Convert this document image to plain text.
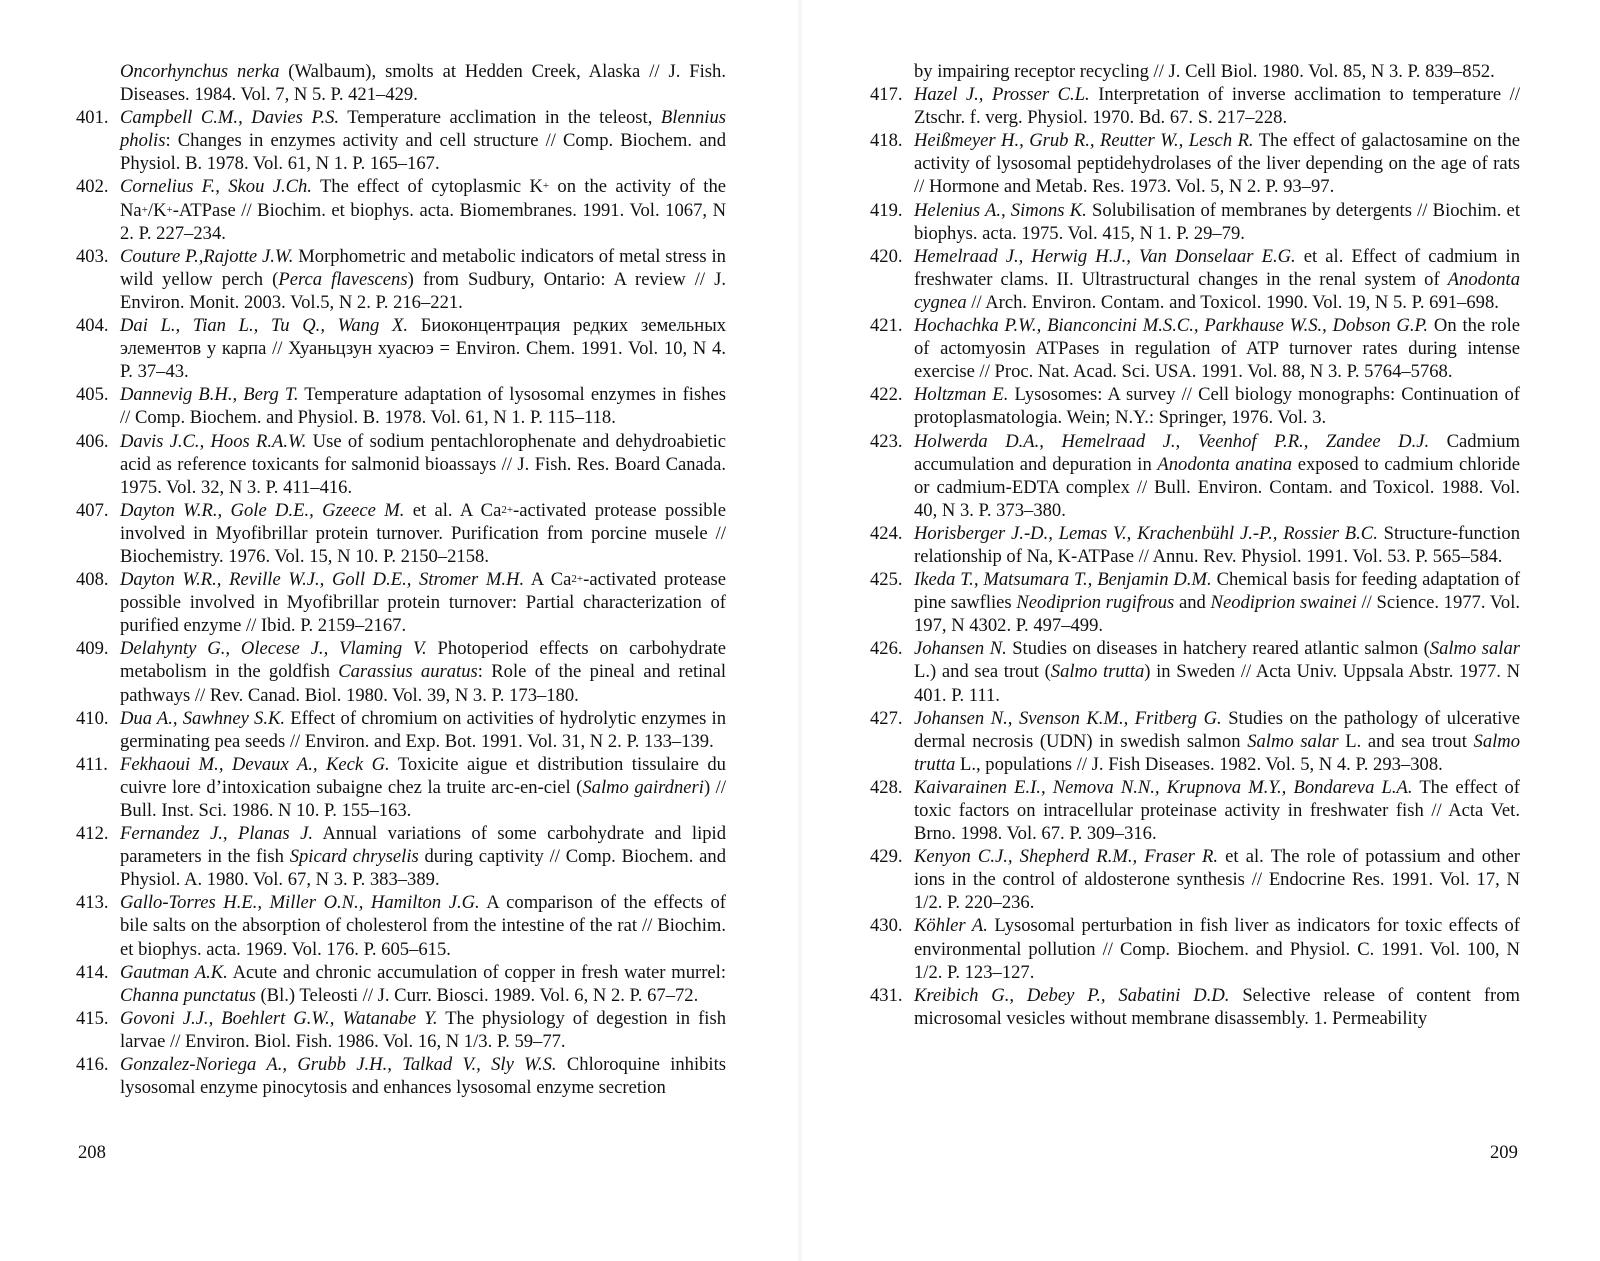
Oncorhynchus nerka (Walbaum), smolts at Hedden Creek, Alaska // J. Fish. Diseases. 1984. Vol. 7, N 5. P. 421–429.
401. Campbell C.M., Davies P.S. Temperature acclimation in the teleost, Blennius pholis: Changes in enzymes activity and cell structure // Comp. Biochem. and Physiol. B. 1978. Vol. 61, N 1. P. 165–167.
402. Cornelius F., Skou J.Ch. The effect of cytoplasmic K+ on the activity of the Na+/K+-ATPase // Biochim. et biophys. acta. Biomembranes. 1991. Vol. 1067, N 2. P. 227–234.
403. Couture P.,Rajotte J.W. Morphometric and metabolic indicators of metal stress in wild yellow perch (Perca flavescens) from Sudbury, Ontario: A review // J. Environ. Monit. 2003. Vol.5, N 2. P. 216–221.
404. Dai L., Tian L., Tu Q., Wang X. Биоконцентрация редких земельных элементов у карпа // Хуаньцзун хуасюэ = Environ. Chem. 1991. Vol. 10, N 4. P. 37–43.
405. Dannevig B.H., Berg T. Temperature adaptation of lysosomal enzymes in fishes // Comp. Biochem. and Physiol. B. 1978. Vol. 61, N 1. P. 115–118.
406. Davis J.C., Hoos R.A.W. Use of sodium pentachlorophenate and dehydroabietic acid as reference toxicants for salmonid bioassays // J. Fish. Res. Board Canada. 1975. Vol. 32, N 3. P. 411–416.
407. Dayton W.R., Gole D.E., Gzeece M. et al. A $Ca^{2+}$-activated protease possible involved in Myofibrillar protein turnover. Purification from porcine musele // Biochemistry. 1976. Vol. 15, N 10. P. 2150–2158.
408. Dayton W.R., Reville W.J., Goll D.E., Stromer M.H. A $Ca^{2+}$-activated protease possible involved in Myofibrillar protein turnover: Partial characterization of purified enzyme // Ibid. P. 2159–2167.
409. Delahynty G., Olecese J., Vlaming V. Photoperiod effects on carbohydrate metabolism in the goldfish Carassius auratus: Role of the pineal and retinal pathways // Rev. Canad. Biol. 1980. Vol. 39, N 3. P. 173–180.
410. Dua A., Sawhney S.K. Effect of chromium on activities of hydrolytic enzymes in germinating pea seeds // Environ. and Exp. Bot. 1991. Vol. 31, N 2. P. 133–139.
411. Fekhaoui M., Devaux A., Keck G. Toxicite aigue et distribution tissulaire du cuivre lore d’intoxication subaigne chez la truite arc-en-ciel (Salmo gairdneri) // Bull. Inst. Sci. 1986. N 10. P. 155–163.
412. Fernandez J., Planas J. Annual variations of some carbohydrate and lipid parameters in the fish Spicard chryselis during captivity // Comp. Biochem. and Physiol. A. 1980. Vol. 67, N 3. P. 383–389.
413. Gallo-Torres H.E., Miller O.N., Hamilton J.G. A comparison of the effects of bile salts on the absorption of cholesterol from the intestine of the rat // Biochim. et biophys. acta. 1969. Vol. 176. P. 605–615.
414. Gautman A.K. Acute and chronic accumulation of copper in fresh water murrel: Channa punctatus (Bl.) Teleosti // J. Curr. Biosci. 1989. Vol. 6, N 2. P. 67–72.
415. Govoni J.J., Boehlert G.W., Watanabe Y. The physiology of degestion in fish larvae // Environ. Biol. Fish. 1986. Vol. 16, N 1/3. P. 59–77.
416. Gonzalez-Noriega A., Grubb J.H., Talkad V., Sly W.S. Chloroquine inhibits lysosomal enzyme pinocytosis and enhances lysosomal enzyme secretion
208
by impairing receptor recycling // J. Cell Biol. 1980. Vol. 85, N 3. P. 839–852.
417. Hazel J., Prosser C.L. Interpretation of inverse acclimation to temperature // Ztschr. f. verg. Physiol. 1970. Bd. 67. S. 217–228.
418. Heißmeyer H., Grub R., Reutter W., Lesch R. The effect of galactosamine on the activity of lysosomal peptidehydrolases of the liver depending on the age of rats // Hormone and Metab. Res. 1973. Vol. 5, N 2. P. 93–97.
419. Helenius A., Simons K. Solubilisation of membranes by detergents // Biochim. et biophys. acta. 1975. Vol. 415, N 1. P. 29–79.
420. Hemelraad J., Herwig H.J., Van Donselaar E.G. et al. Effect of cadmium in freshwater clams. II. Ultrastructural changes in the renal system of Anodonta cygnea // Arch. Environ. Contam. and Toxicol. 1990. Vol. 19, N 5. P. 691–698.
421. Hochachka P.W., Bianconcini M.S.C., Parkhause W.S., Dobson G.P. On the role of actomyosin ATPases in regulation of ATP turnover rates during intense exercise // Proc. Nat. Acad. Sci. USA. 1991. Vol. 88, N 3. P. 5764–5768.
422. Holtzman E. Lysosomes: A survey // Cell biology monographs: Continuation of protoplasmatologia. Wein; N.Y.: Springer, 1976. Vol. 3.
423. Holwerda D.A., Hemelraad J., Veenhof P.R., Zandee D.J. Cadmium accumulation and depuration in Anodonta anatina exposed to cadmium chloride or cadmium-EDTA complex // Bull. Environ. Contam. and Toxicol. 1988. Vol. 40, N 3. P. 373–380.
424. Horisberger J.-D., Lemas V., Krachenbühl J.-P., Rossier B.C. Structure-function relationship of Na, K-ATPase // Annu. Rev. Physiol. 1991. Vol. 53. P. 565–584.
425. Ikeda T., Matsumara T., Benjamin D.M. Chemical basis for feeding adaptation of pine sawflies Neodiprion rugifrous and Neodiprion swainei // Science. 1977. Vol. 197, N 4302. P. 497–499.
426. Johansen N. Studies on diseases in hatchery reared atlantic salmon (Salmo salar L.) and sea trout (Salmo trutta) in Sweden // Acta Univ. Uppsala Abstr. 1977. N 401. P. 111.
427. Johansen N., Svenson K.M., Fritberg G. Studies on the pathology of ulcerative dermal necrosis (UDN) in swedish salmon Salmo salar L. and sea trout Salmo trutta L., populations // J. Fish Diseases. 1982. Vol. 5, N 4. P. 293–308.
428. Kaivarainen E.I., Nemova N.N., Krupnova M.Y., Bondareva L.A. The effect of toxic factors on intracellular proteinase activity in freshwater fish // Acta Vet. Brno. 1998. Vol. 67. P. 309–316.
429. Kenyon C.J., Shepherd R.M., Fraser R. et al. The role of potassium and other ions in the control of aldosterone synthesis // Endocrine Res. 1991. Vol. 17, N 1/2. P. 220–236.
430. Köhler A. Lysosomal perturbation in fish liver as indicators for toxic effects of environmental pollution // Comp. Biochem. and Physiol. C. 1991. Vol. 100, N 1/2. P. 123–127.
431. Kreibich G., Debey P., Sabatini D.D. Selective release of content from microsomal vesicles without membrane disassembly. 1. Permeability
209
